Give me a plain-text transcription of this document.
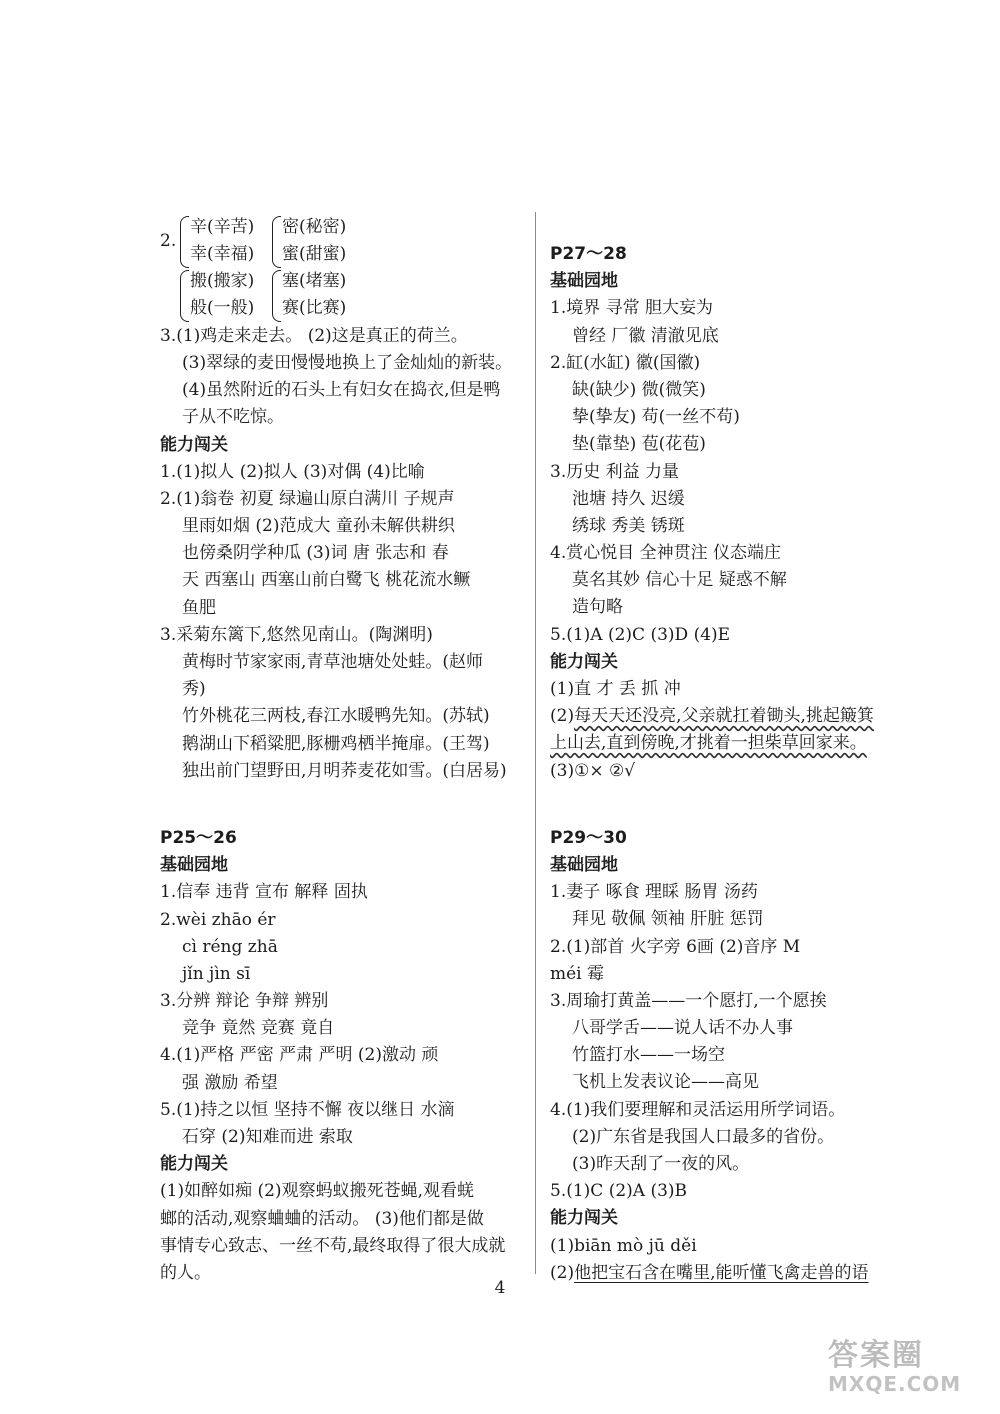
2.
辛(辛苦) 密(秘密)
幸(幸福) 蜜(甜蜜)
搬(搬家) 塞(堵塞)
般(一般) 赛(比赛)
3.(1)鸡走来走去。 (2)这是真正的荷兰。
(3)翠绿的麦田慢慢地换上了金灿灿的新装。
(4)虽然附近的石头上有妇女在捣衣,但是鸭
子从不吃惊。
能力闯关
1.(1)拟人 (2)拟人 (3)对偶 (4)比喻
2.(1)翁卷 初夏 绿遍山原白满川 子规声
里雨如烟 (2)范成大 童孙未解供耕织
也傍桑阴学种瓜 (3)词 唐 张志和 春
天 西塞山 西塞山前白鹭飞 桃花流水鳜
鱼肥
3.采菊东篱下,悠然见南山。(陶渊明)
黄梅时节家家雨,青草池塘处处蛙。(赵师
秀)
竹外桃花三两枝,春江水暖鸭先知。(苏轼)
鹅湖山下稻粱肥,豚栅鸡栖半掩扉。(王驾)
独出前门望野田,月明荞麦花如雪。(白居易)
P25～26
基础园地
1.信奉 违背 宣布 解释 固执
2.wèi zhāo ér
cì réng zhā
jǐn jìn sī
3.分辨 辩论 争辩 辨别
竞争 竟然 竞赛 竟自
4.(1)严格 严密 严肃 严明 (2)激动 顽
强 激励 希望
5.(1)持之以恒 坚持不懈 夜以继日 水滴
石穿 (2)知难而进 索取
能力闯关
(1)如醉如痴 (2)观察蚂蚁搬死苍蝇,观看蜣
螂的活动,观察蛐蛐的活动。 (3)他们都是做
事情专心致志、一丝不苟,最终取得了很大成就
的人。
P27～28
基础园地
1.境界 寻常 胆大妄为
曾经 厂徽 清澈见底
2.缸(水缸) 徽(国徽)
缺(缺少) 微(微笑)
挚(挚友) 苟(一丝不苟)
垫(靠垫) 苞(花苞)
3.历史 利益 力量
池塘 持久 迟缓
绣球 秀美 锈斑
4.赏心悦目 全神贯注 仪态端庄
莫名其妙 信心十足 疑惑不解
造句略
5.(1)A (2)C (3)D (4)E
能力闯关
(1)直 才 丢 抓 冲
(2)每天天还没亮,父亲就扛着锄头,挑起簸箕
上山去,直到傍晚,才挑着一担柴草回家来。
(3)①× ②√
P29～30
基础园地
1.妻子 啄食 理睬 肠胃 汤药
拜见 敬佩 领袖 肝脏 惩罚
2.(1)部首 火字旁 6画 (2)音序 M
méi 霉
3.周瑜打黄盖——一个愿打,一个愿挨
八哥学舌——说人话不办人事
竹篮打水——一场空
飞机上发表议论——高见
4.(1)我们要理解和灵活运用所学词语。
(2)广东省是我国人口最多的省份。
(3)昨天刮了一夜的风。
5.(1)C (2)A (3)B
能力闯关
(1)biān mò jū děi
(2)他把宝石含在嘴里,能听懂飞禽走兽的语
4
答案圈
MXQE.COM
